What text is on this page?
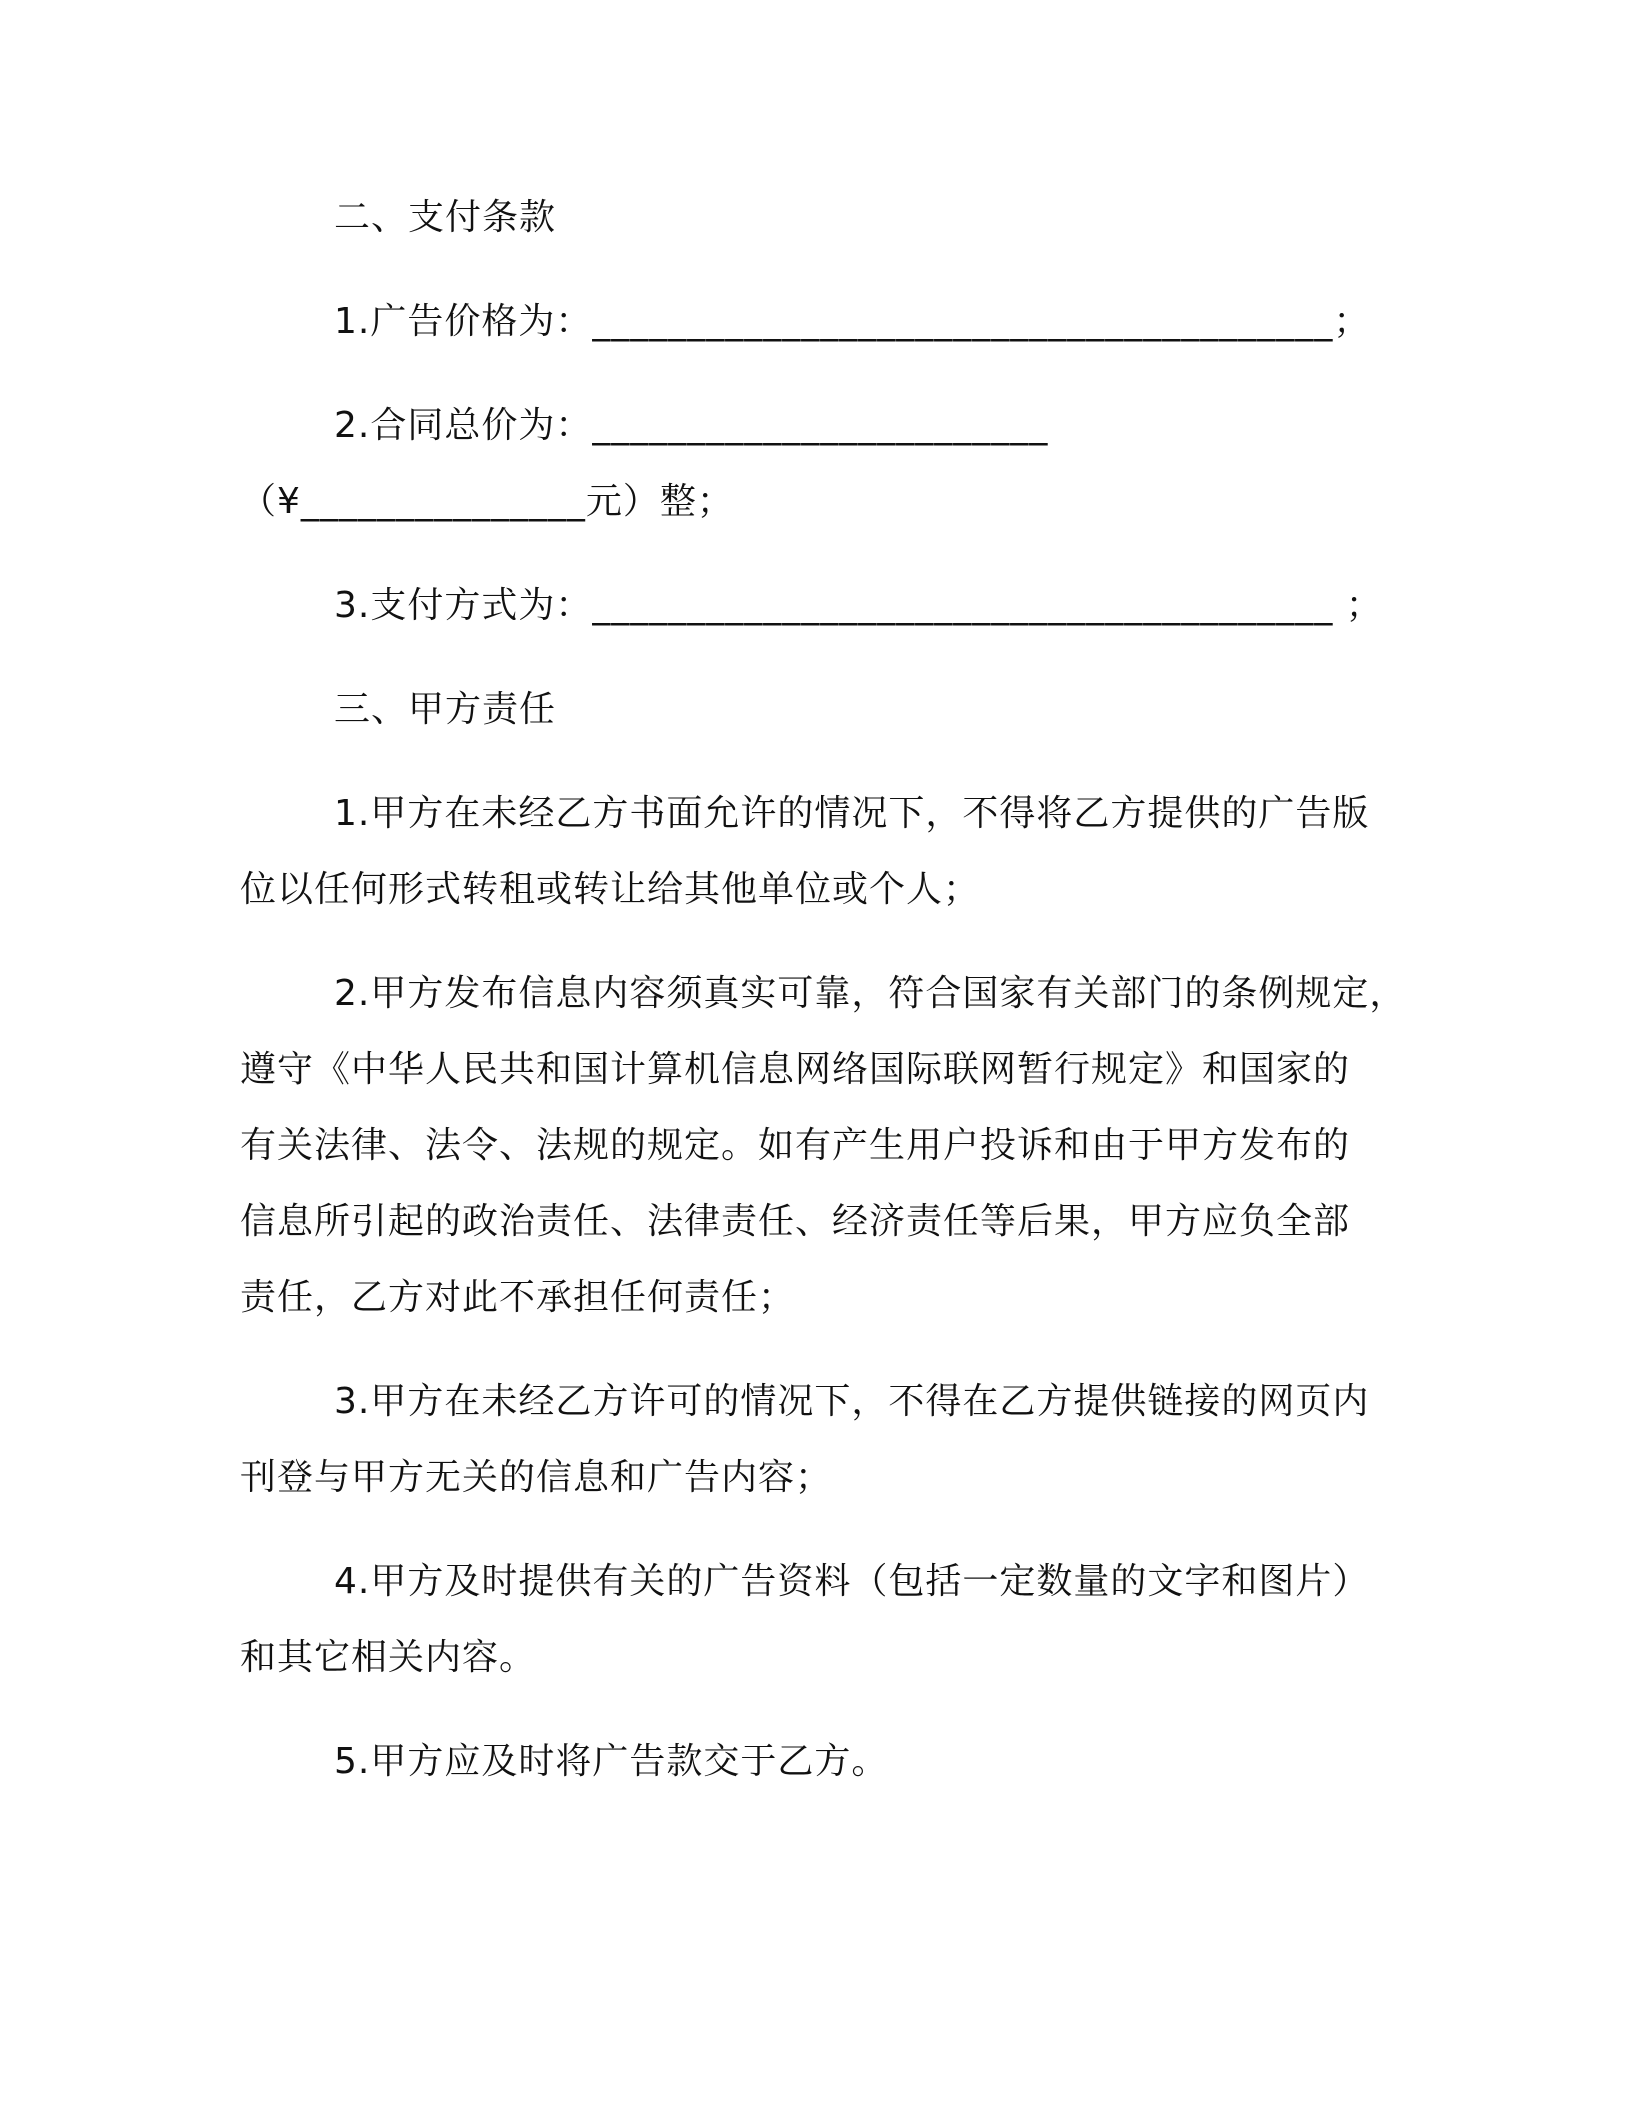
二、支付条款
1.广告价格为：_______________________________________；
2.合同总价为：________________________
（¥_______________元）整；
3.支付方式为：_______________________________________ ；
三、甲方责任
1.甲方在未经乙方书面允许的情况下，不得将乙方提供的广告版
位以任何形式转租或转让给其他单位或个人；
2.甲方发布信息内容须真实可靠，符合国家有关部门的条例规定，
遵守《中华人民共和国计算机信息网络国际联网暂行规定》和国家的
有关法律、法令、法规的规定。如有产生用户投诉和由于甲方发布的
信息所引起的政治责任、法律责任、经济责任等后果，甲方应负全部
责任，乙方对此不承担任何责任；
3.甲方在未经乙方许可的情况下，不得在乙方提供链接的网页内
刊登与甲方无关的信息和广告内容；
4.甲方及时提供有关的广告资料（包括一定数量的文字和图片）
和其它相关内容。
5.甲方应及时将广告款交于乙方。
